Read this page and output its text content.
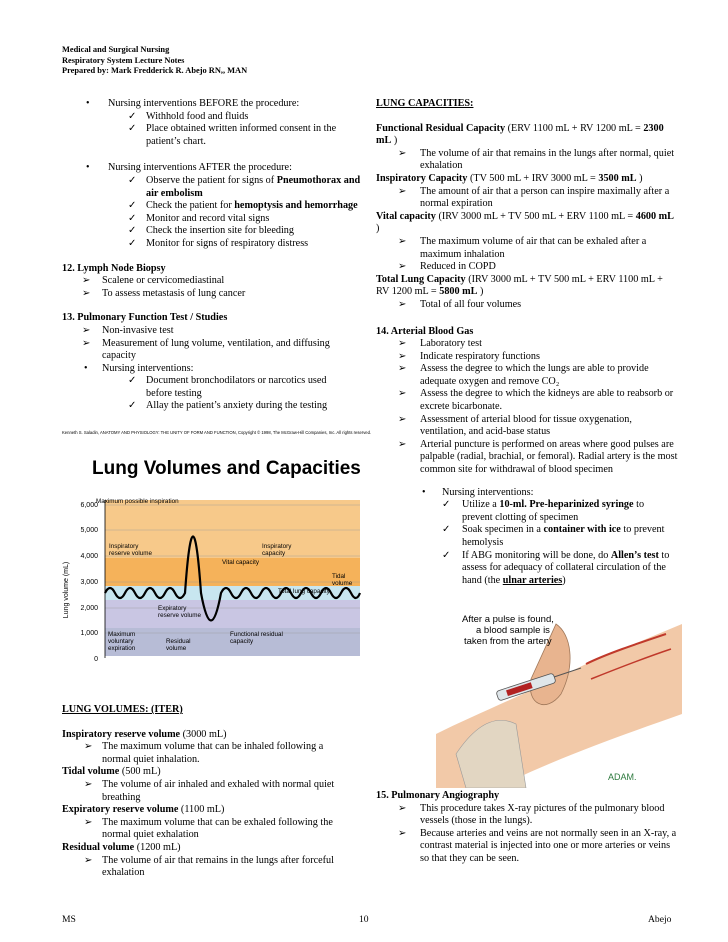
Medical and Surgical Nursing
Respiratory System Lecture Notes
Prepared by: Mark Fredderick R. Abejo RN,, MAN
• Nursing interventions BEFORE the procedure:
✓ Withhold food and fluids
✓ Place obtained written informed consent in the patient’s chart.
• Nursing interventions AFTER the procedure:
✓ Observe the patient for signs of Pneumothorax and air embolism
✓ Check the patient for hemoptysis and hemorrhage
✓ Monitor and record vital signs
✓ Check the insertion site for bleeding
✓ Monitor for signs of respiratory distress
12. Lymph Node Biopsy
➢ Scalene or cervicomediastinal
➢ To assess metastasis of lung cancer
13. Pulmonary Function Test / Studies
➢ Non-invasive test
➢ Measurement of lung volume, ventilation, and diffusing capacity
• Nursing interventions:
✓ Document bronchodilators or narcotics used before testing
✓ Allay the patient’s anxiety during the testing
Kenneth S. Saladin, ANATOMY AND PHYSIOLOGY: THE UNITY OF FORM AND FUNCTION, Copyright © 1998, The McGraw-Hill Companies, Inc. All rights reserved.
Lung Volumes and Capacities
6,000
5,000
4,000
3,000
2,000
1,000
0
Lung volume (mL)
Maximum possible inspiration
Inspiratory reserve volume
Inspiratory capacity
Vital capacity
Tidal volume
Total lung capacity
Expiratory reserve volume
Maximum voluntary expiration
Residual volume
Functional residual capacity
LUNG VOLUMES: (ITER)
Inspiratory reserve volume (3000 mL)
➢ The maximum volume that can be inhaled following a normal quiet inhalation.
Tidal volume (500 mL)
➢ The volume of air inhaled and exhaled with normal quiet breathing
Expiratory reserve volume (1100 mL)
➢ The maximum volume that can be exhaled following the normal quiet exhalation
Residual volume (1200 mL)
➢ The volume of air that remains in the lungs after forceful exhalation
LUNG CAPACITIES:
Functional Residual Capacity (ERV 1100 mL + RV 1200 mL = 2300 mL )
➢ The volume of air that remains in the lungs after normal, quiet exhalation
Inspiratory Capacity (TV 500 mL + IRV 3000 mL = 3500 mL )
➢ The amount of air that a person can inspire maximally after a normal expiration
Vital capacity (IRV 3000 mL + TV 500 mL + ERV 1100 mL = 4600 mL )
➢ The maximum volume of air that can be exhaled after a maximum inhalation
➢ Reduced in COPD
Total Lung Capacity (IRV 3000 mL + TV 500 mL + ERV 1100 mL + RV 1200 mL = 5800 mL )
➢ Total of all four volumes
14. Arterial Blood Gas
➢ Laboratory test
➢ Indicate respiratory functions
➢ Assess the degree to which the lungs are able to provide adequate oxygen and remove CO₂
➢ Assess the degree to which the kidneys are able to reabsorb or excrete bicarbonate.
➢ Assessment of arterial blood for tissue oxygenation, ventilation, and acid-base status
➢ Arterial puncture is performed on areas where good pulses are palpable (radial, brachial, or femoral). Radial artery is the most common site for withdrawal of blood specimen
• Nursing interventions:
✓ Utilize a 10-ml. Pre-heparinized syringe to prevent clotting of specimen
✓ Soak specimen in a container with ice to prevent hemolysis
✓ If ABG monitoring will be done, do Allen’s test to assess for adequacy of collateral circulation of the hand (the ulnar arteries)
After a pulse is found, a blood sample is taken from the artery
ADAM.
15. Pulmonary Angiography
➢ This procedure takes X-ray pictures of the pulmonary blood vessels (those in the lungs).
➢ Because arteries and veins are not normally seen in an X-ray, a contrast material is injected into one or more arteries or veins so that they can be seen.
MS	10	Abejo
